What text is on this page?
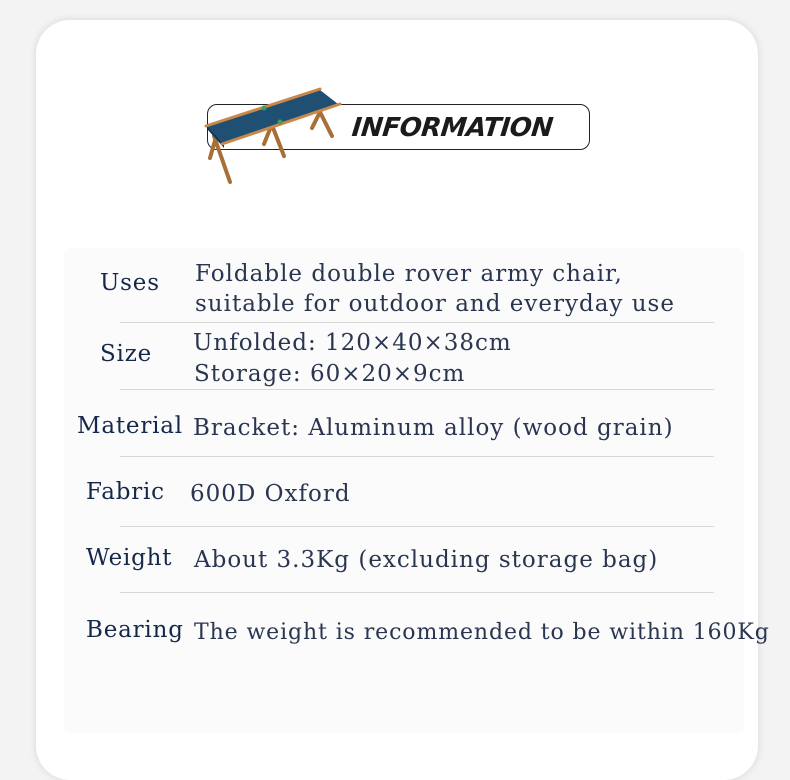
INFORMATION
Uses Foldable double rover army chair,
suitable for outdoor and everyday use
Size Unfolded: 120×40×38cm
Storage: 60×20×9cm
Material Bracket: Aluminum alloy (wood grain)
Fabric 600D Oxford
Weight About 3.3Kg (excluding storage bag)
Bearing The weight is recommended to be within 160Kg
